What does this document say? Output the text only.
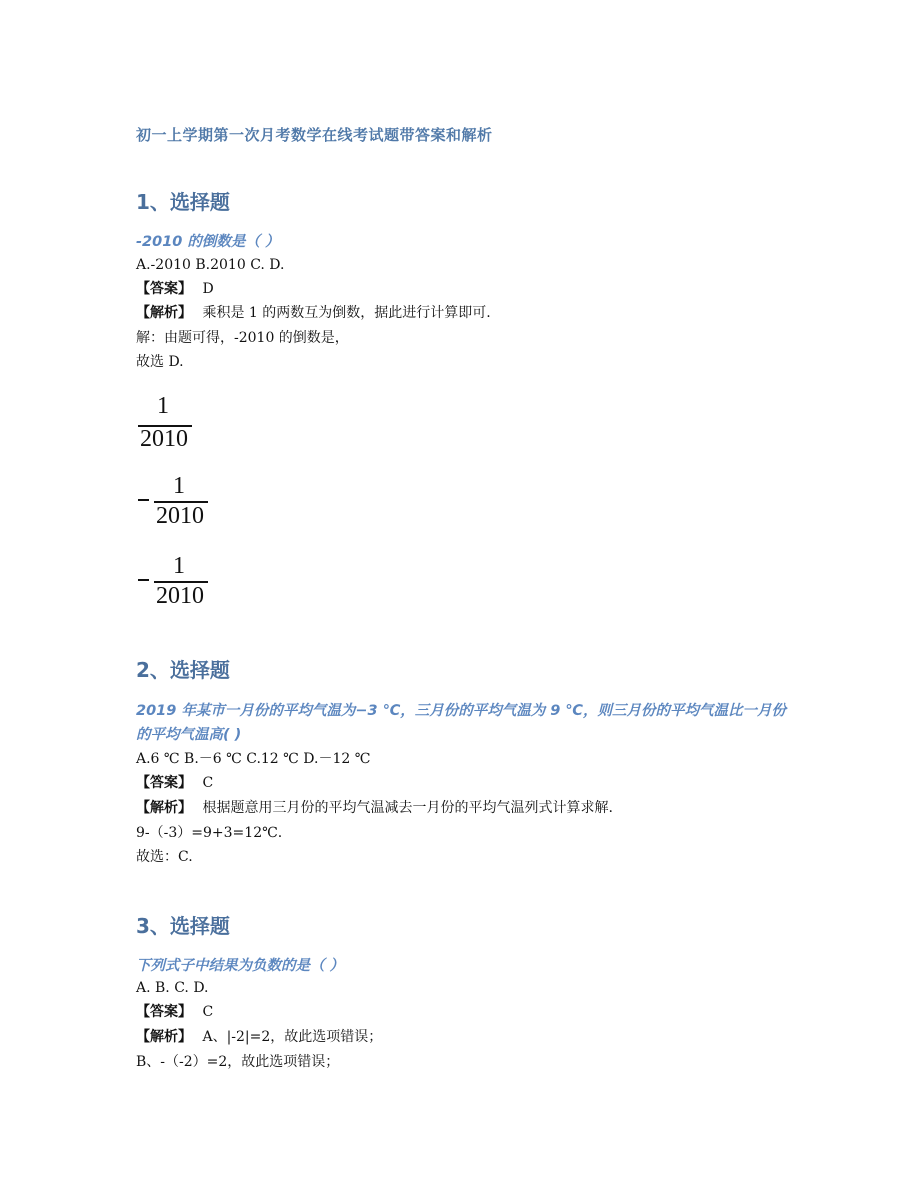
初一上学期第一次月考数学在线考试题带答案和解析
1、选择题
-2010 的倒数是（ ）
A.-2010 B.2010 C. D.
【答案】 D
【解析】 乘积是 1 的两数互为倒数，据此进行计算即可.
解：由题可得，-2010 的倒数是，
故选 D.
1
2010
1
2010
1
2010
2、选择题
2019 年某市一月份的平均气温为−3 ℃，三月份的平均气温为 9 ℃，则三月份的平均气温比一月份的平均气温高( )
A.6 ℃ B.－6 ℃ C.12 ℃ D.－12 ℃
【答案】 C
【解析】 根据题意用三月份的平均气温减去一月份的平均气温列式计算求解.
9-（-3）=9+3=12℃.
故选：C.
3、选择题
下列式子中结果为负数的是（ ）
A. B. C. D.
【答案】 C
【解析】 A、|-2|=2，故此选项错误；
B、-（-2）=2，故此选项错误；
